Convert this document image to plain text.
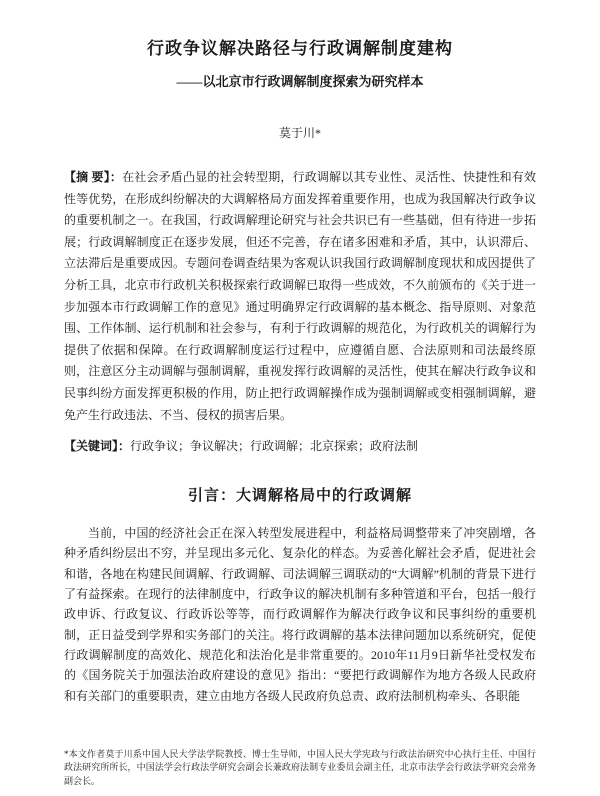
行政争议解决路径与行政调解制度建构
——以北京市行政调解制度探索为研究样本
莫于川*

【摘 要】：在社会矛盾凸显的社会转型期，行政调解以其专业性、灵活性、快捷性和有效性等优势，在形成纠纷解决的大调解格局方面发挥着重要作用，也成为我国解决行政争议的重要机制之一。在我国，行政调解理论研究与社会共识已有一些基础，但有待进一步拓展；行政调解制度正在逐步发展，但还不完善，存在诸多困难和矛盾，其中，认识滞后、立法滞后是重要成因。专题问卷调查结果为客观认识我国行政调解制度现状和成因提供了分析工具，北京市行政机关积极探索行政调解已取得一些成效，不久前颁布的《关于进一步加强本市行政调解工作的意见》通过明确界定行政调解的基本概念、指导原则、对象范围、工作体制、运行机制和社会参与，有利于行政调解的规范化，为行政机关的调解行为提供了依据和保障。在行政调解制度运行过程中，应遵循自愿、合法原则和司法最终原则，注意区分主动调解与强制调解，重视发挥行政调解的灵活性，使其在解决行政争议和民事纠纷方面发挥更积极的作用，防止把行政调解操作成为强制调解或变相强制调解，避免产生行政违法、不当、侵权的损害后果。

【关键词】：行政争议；争议解决；行政调解；北京探索；政府法制

引言：大调解格局中的行政调解

当前，中国的经济社会正在深入转型发展进程中，利益格局调整带来了冲突剧增，各种矛盾纠纷层出不穷，并呈现出多元化、复杂化的样态。为妥善化解社会矛盾，促进社会和谐，各地在构建民间调解、行政调解、司法调解三调联动的“大调解”机制的背景下进行了有益探索。在现行的法律制度中，行政争议的解决机制有多种管道和平台，包括一般行政申诉、行政复议、行政诉讼等等，而行政调解作为解决行政争议和民事纠纷的重要机制，正日益受到学界和实务部门的关注。将行政调解的基本法律问题加以系统研究，促使行政调解制度的高效化、规范化和法治化是非常重要的。2010年11月9日新华社受权发布的《国务院关于加强法治政府建设的意见》指出：“要把行政调解作为地方各级人民政府和有关部门的重要职责，建立由地方各级人民政府负总责、政府法制机构牵头、各职能

*本文作者莫于川系中国人民大学法学院教授、博士生导师，中国人民大学宪政与行政法治研究中心执行主任、中国行政法研究所所长，中国法学会行政法学研究会副会长兼政府法制专业委员会副主任，北京市法学会行政法学研究会常务副会长。
